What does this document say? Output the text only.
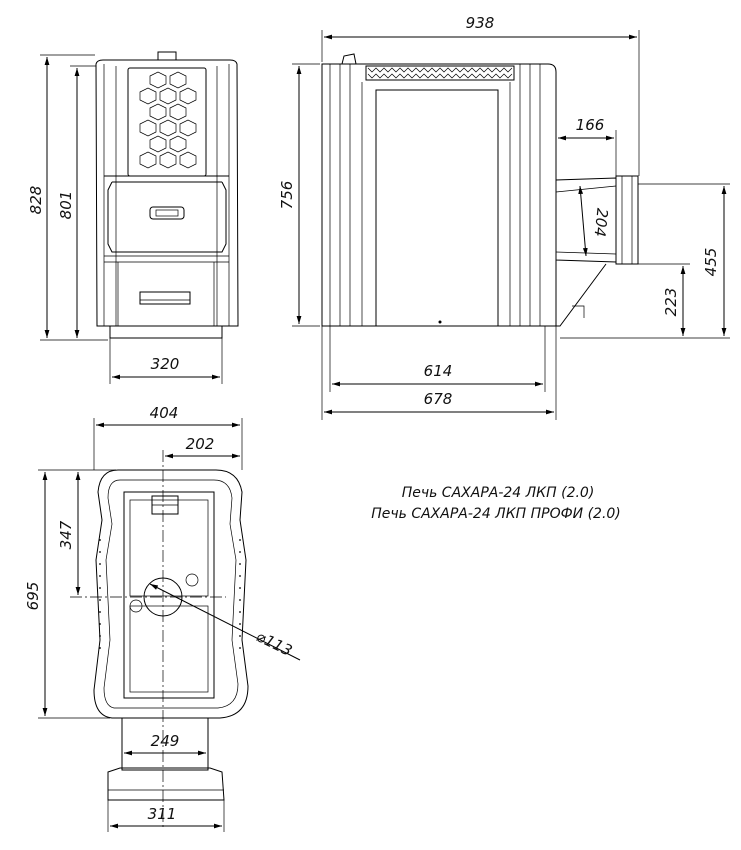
828 801
320
938
756
166
204
455
223
614
678
404
202
695
347
⌀113
249
311
Печь САХАРА-24 ЛКП (2.0)
Печь САХАРА-24 ЛКП ПРОФИ (2.0)
